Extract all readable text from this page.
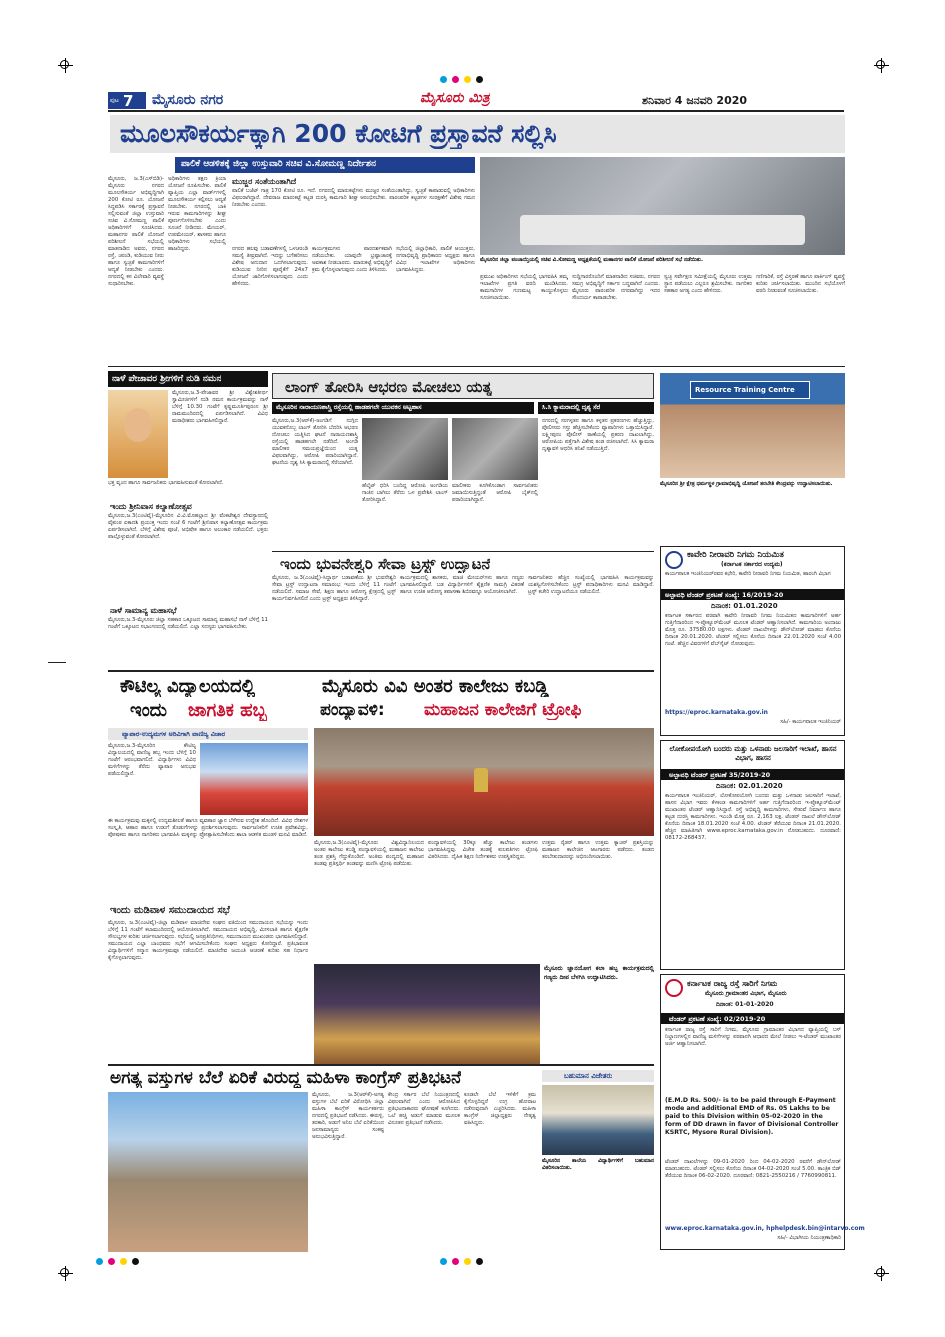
ಪುಟ 7 ಮೈಸೂರು ನಗರ	ಮೈಸೂರು ಮಿತ್ರ	ಶನಿವಾರ 4 ಜನವರಿ 2020
ಮೂಲಸೌಕರ್ಯಕ್ಕಾಗಿ 200 ಕೋಟಿಗೆ ಪ್ರಸ್ತಾವನೆ ಸಲ್ಲಿಸಿ
ಪಾಲಿಕೆ ಆಡಳಿತಕ್ಕೆ ಜಿಲ್ಲಾ ಉಸ್ತುವಾರಿ ಸಚಿವ ವಿ.ಸೋಮಣ್ಣ ನಿರ್ದೇಶನ
ಮೈಸೂರು, ಜ.3(ಎಸ್‌ಬಿಡಿ)-ಮೈಸೂರು ನಗರದ ಮೂಲಸೌಕರ್ಯ ಅಭಿವೃದ್ಧಿಗಾಗಿ 200 ಕೋಟಿ ರೂ. ಯೋಜನೆ ಸಿದ್ಧಪಡಿಸಿ ಸರ್ಕಾರಕ್ಕೆ ಪ್ರಸ್ತಾವನೆ ಸಲ್ಲಿಸುವಂತೆ ಜಿಲ್ಲಾ ಉಸ್ತುವಾರಿ ಸಚಿವ ವಿ.ಸೋಮಣ್ಣ ಪಾಲಿಕೆ ಅಧಿಕಾರಿಗಳಿಗೆ ಸೂಚಿಸಿದರು. ಮಹಾನಗರ ಪಾಲಿಕೆ ಯೋಜನೆ ಪರಿಶೀಲನೆ ಸಭೆಯಲ್ಲಿ ಮಾತನಾಡಿದ ಅವರು, ನಗರದ ರಸ್ತೆ, ಚರಂಡಿ, ಕುಡಿಯುವ ನೀರು ಹಾಗೂ ಸ್ವಚ್ಛತೆ ಕಾಮಗಾರಿಗಳಿಗೆ ಆದ್ಯತೆ ನೀಡಬೇಕು ಎಂದರು. ನಗರದಲ್ಲಿ ಕಸ ವಿಲೇವಾರಿ ವ್ಯವಸ್ಥೆ ಸುಧಾರಿಸಬೇಕು.
ಅಧಿಕಾರಿಗಳು ತಕ್ಷಣ ಕ್ರಿಯಾ ಯೋಜನೆ ರೂಪಿಸಬೇಕು. ಪಾಲಿಕೆ ವ್ಯಾಪ್ತಿಯ ಎಲ್ಲಾ ವಾರ್ಡ್‌ಗಳಲ್ಲಿ ಮೂಲಸೌಕರ್ಯ ಕಲ್ಪಿಸಲು ಆದ್ಯತೆ ನೀಡಬೇಕು. ನಗರದಲ್ಲಿ ಬಾಕಿ ಇರುವ ಕಾಮಗಾರಿಗಳನ್ನು ಶೀಘ್ರ ಪೂರ್ಣಗೊಳಿಸಬೇಕು ಎಂದು ಸೂಚನೆ ನೀಡಿದರು. ಮೇಯರ್, ಉಪಮೇಯರ್, ಶಾಸಕರು ಹಾಗೂ ಅಧಿಕಾರಿಗಳು ಸಭೆಯಲ್ಲಿ ಹಾಜರಿದ್ದರು.
ಮುಜ್ಜರ ಸಂತೆಯಂತಾಗಿದೆ
ಪಾಲಿಕೆ ಬಜೆಟ್ ಗಾತ್ರ 170 ಕೋಟಿ ರೂ. ಇದೆ. ನಗರದಲ್ಲಿ ಮಾರುಕಟ್ಟೆಗಳು ಮುಜ್ಜರ ಸಂತೆಯಂತಾಗಿದ್ದು, ಸ್ವಚ್ಛತೆ ಕಾಪಾಡುವಲ್ಲಿ ಅಧಿಕಾರಿಗಳು ವಿಫಲರಾಗಿದ್ದಾರೆ. ದೇವರಾಜ ಮಾರುಕಟ್ಟೆ ಕಟ್ಟಡ ದುರಸ್ತಿ ಕಾಮಗಾರಿ ಶೀಘ್ರ ಆರಂಭಿಸಬೇಕು. ಪಾರಂಪರಿಕ ಕಟ್ಟಡಗಳ ಸಂರಕ್ಷಣೆಗೆ ವಿಶೇಷ ಗಮನ ನೀಡಬೇಕು ಎಂದರು.
ನಗರದ ಹಲವು ಬಡಾವಣೆಗಳಲ್ಲಿ ಒಳಚರಂಡಿ ಸಮಸ್ಯೆ ತೀವ್ರವಾಗಿದೆ. ಇದನ್ನು ಬಗೆಹರಿಸಲು ವಿಶೇಷ ಅನುದಾನ ಒದಗಿಸಲಾಗುವುದು. ಕುಡಿಯುವ ನೀರಿನ ಪೂರೈಕೆಗೆ 24x7 ಯೋಜನೆ ಜಾರಿಗೊಳಿಸಲಾಗುವುದು ಎಂದು ಹೇಳಿದರು.
ಕಾರ್ಯಕ್ರಮಗಳು ಪಾರದರ್ಶಕವಾಗಿ ನಡೆಯಬೇಕು. ಯಾವುದೇ ಭ್ರಷ್ಟಾಚಾರಕ್ಕೆ ಅವಕಾಶ ನೀಡಬಾರದು. ಮಾರುಕಟ್ಟೆ ಅಭಿವೃದ್ಧಿಗೆ ಕ್ರಮ ಕೈಗೊಳ್ಳಲಾಗುವುದು ಎಂದು ತಿಳಿಸಿದರು.
ಸಭೆಯಲ್ಲಿ ಜಿಲ್ಲಾಧಿಕಾರಿ, ಪಾಲಿಕೆ ಆಯುಕ್ತರು, ನಗರಾಭಿವೃದ್ಧಿ ಪ್ರಾಧಿಕಾರದ ಅಧ್ಯಕ್ಷರು ಹಾಗೂ ವಿವಿಧ ಇಲಾಖೆಗಳ ಅಧಿಕಾರಿಗಳು ಭಾಗವಹಿಸಿದ್ದರು.
ಮೈಸೂರಿನ ಜಿಲ್ಲಾ ಪಂಚಾಯ್ತಿಯಲ್ಲಿ ಸಚಿವ ವಿ.ಸೋಮಣ್ಣ ಅಧ್ಯಕ್ಷತೆಯಲ್ಲಿ ಮಹಾನಗರ ಪಾಲಿಕೆ ಯೋಜನೆ ಪರಿಶೀಲನೆ ಸಭೆ ನಡೆಯಿತು.
ಪ್ರಮುಖ ಅಧಿಕಾರಿಗಳು ಸಭೆಯಲ್ಲಿ ಭಾಗವಹಿಸಿ ತಮ್ಮ ಇಲಾಖೆಗಳ ಪ್ರಗತಿ ವರದಿ ಮಂಡಿಸಿದರು. ಕಾಮಗಾರಿಗಳ ಗುಣಮಟ್ಟ ಕಾಯ್ದುಕೊಳ್ಳಲು ಸೂಚಿಸಲಾಯಿತು.
ಸುದ್ದಿಗಾರರೊಂದಿಗೆ ಮಾತನಾಡಿದ ಸಚಿವರು, ನಗರದ ಸಮಗ್ರ ಅಭಿವೃದ್ಧಿಗೆ ಸರ್ಕಾರ ಬದ್ಧವಾಗಿದೆ ಎಂದರು. ಮೈಸೂರು ಪಾರಂಪರಿಕ ನಗರವಾಗಿದ್ದು ಇದರ ಸೌಂದರ್ಯ ಕಾಪಾಡಬೇಕು.
ಸ್ವಚ್ಛ ಸರ್ವೇಕ್ಷಣ ಸಮೀಕ್ಷೆಯಲ್ಲಿ ಮೈಸೂರು ಉತ್ತಮ ಸ್ಥಾನ ಪಡೆಯಲು ಎಲ್ಲರೂ ಶ್ರಮಿಸಬೇಕು. ನಾಗರಿಕರ ಸಹಕಾರ ಅಗತ್ಯ ಎಂದು ಹೇಳಿದರು.
ಗಣಿಗಾರಿಕೆ, ರಸ್ತೆ ವಿಸ್ತರಣೆ ಹಾಗೂ ಪಾರ್ಕಿಂಗ್ ವ್ಯವಸ್ಥೆ ಕುರಿತು ಚರ್ಚಿಸಲಾಯಿತು. ಮುಂದಿನ ಸಭೆಯೊಳಗೆ ವರದಿ ನೀಡುವಂತೆ ಸೂಚಿಸಲಾಯಿತು.
ನಾಳೆ ಪೇಜಾವರ ಶ್ರೀಗಳಿಗೆ ನುಡಿ ನಮನ
ಮೈಸೂರು,ಜ.3-ಪೇಜಾವರ ಶ್ರೀ ವಿಶ್ವೇಶತೀರ್ಥ ಸ್ವಾಮೀಜಿಗಳಿಗೆ ನುಡಿ ನಮನ ಕಾರ್ಯಕ್ರಮವನ್ನು ನಾಳೆ ಬೆಳಿಗ್ಗೆ 10.30 ಗಂಟೆಗೆ ಕೃಷ್ಣಮೂರ್ತಿಪುರಂನ ಶ್ರೀ ರಾಮಮಂದಿರದಲ್ಲಿ ಏರ್ಪಡಿಸಲಾಗಿದೆ. ವಿವಿಧ ಮಠಾಧೀಶರು ಭಾಗವಹಿಸಲಿದ್ದಾರೆ.
ಭಕ್ತ ವೃಂದ ಹಾಗೂ ಸಾರ್ವಜನಿಕರು ಭಾಗವಹಿಸುವಂತೆ ಕೋರಲಾಗಿದೆ.
ಇಂದು ಶ್ರೀನಿವಾಸ ಕಲ್ಯಾಣೋತ್ಸವ
ಮೈಸೂರು,ಜ.3(ಎಂಟಿವೈ)-ಮೈಸೂರಿನ ವಿ.ವಿ.ಮೊಹಲ್ಲಾದ ಶ್ರೀ ವೆಂಕಟೇಶ್ವರ ದೇವಸ್ಥಾನದಲ್ಲಿ ವೈಕುಂಠ ಏಕಾದಶಿ ಪ್ರಯುಕ್ತ ಇಂದು ಸಂಜೆ 6 ಗಂಟೆಗೆ ಶ್ರೀನಿವಾಸ ಕಲ್ಯಾಣೋತ್ಸವ ಕಾರ್ಯಕ್ರಮ ಏರ್ಪಡಿಸಲಾಗಿದೆ. ಬೆಳಿಗ್ಗೆ ವಿಶೇಷ ಪೂಜೆ, ಅಭಿಷೇಕ ಹಾಗೂ ಅಲಂಕಾರ ನಡೆಯಲಿದೆ. ಭಕ್ತರು ಪಾಲ್ಗೊಳ್ಳುವಂತೆ ಕೋರಲಾಗಿದೆ.
ನಾಳೆ ಸಾಮಾನ್ಯ ಮಹಾಸಭೆ
ಮೈಸೂರು,ಜ.3-ಮೈಸೂರು ಜಿಲ್ಲಾ ಸಹಕಾರ ಒಕ್ಕೂಟದ ಸಾಮಾನ್ಯ ಮಹಾಸಭೆ ನಾಳೆ ಬೆಳಿಗ್ಗೆ 11 ಗಂಟೆಗೆ ಒಕ್ಕೂಟದ ಸಭಾಂಗಣದಲ್ಲಿ ನಡೆಯಲಿದೆ. ಎಲ್ಲಾ ಸದಸ್ಯರು ಭಾಗವಹಿಸಬೇಕು.
ಲಾಂಗ್ ತೋರಿಸಿ ಆಭರಣ ಮೋಚಲು ಯತ್ನ
ಮೈಸೂರಿನ ನಾರಾಯಣಶಾಸ್ತ್ರಿ ರಸ್ತೆಯಲ್ಲಿ ಹಾಡಹಗಲೇ ಯುವಕನ ಅಟ್ಟಹಾಸ	ಸಿ.ಸಿ ಕ್ಯಾಮರಾದಲ್ಲಿ ದೃಶ್ಯ ಸೆರೆ
ಮೈಸೂರು,ಜ.3(ಆರ್‌ಕೆ)-ಅಂಗಡಿಗೆ ನುಗ್ಗಿದ ಯುವಕನೊಬ್ಬ ಲಾಂಗ್ ತೋರಿಸಿ ಬೆದರಿಸಿ ಆಭರಣ ದೋಚಲು ಯತ್ನಿಸಿದ ಘಟನೆ ನಾರಾಯಣಶಾಸ್ತ್ರಿ ರಸ್ತೆಯಲ್ಲಿ ಹಾಡಹಗಲೇ ನಡೆದಿದೆ. ಅಂಗಡಿ ಮಾಲೀಕರ ಸಮಯಪ್ರಜ್ಞೆಯಿಂದ ಯತ್ನ ವಿಫಲವಾಗಿದ್ದು, ಆರೋಪಿ ಪರಾರಿಯಾಗಿದ್ದಾನೆ. ಘಟನೆಯ ದೃಶ್ಯ ಸಿಸಿ ಕ್ಯಾಮರಾದಲ್ಲಿ ಸೆರೆಯಾಗಿದೆ.
ಹೆಲ್ಮೆಟ್ ಧರಿಸಿ ಬಂದಿದ್ದ ಆರೋಪಿ ಅಂಗಡಿಯ ಗಾಜಿನ ಬಾಗಿಲು ತೆರೆದು ಒಳ ಪ್ರವೇಶಿಸಿ ಲಾಂಗ್ ತೋರಿಸಿದ್ದಾನೆ.
ಮಾಲೀಕರು ಕೂಗಿಕೊಂಡಾಗ ಸಾರ್ವಜನಿಕರು ಜಮಾಯಿಸುತ್ತಿದ್ದಂತೆ ಆರೋಪಿ ಬೈಕ್‌ನಲ್ಲಿ ಪರಾರಿಯಾಗಿದ್ದಾನೆ.
ನಗರದಲ್ಲಿ ಸರಗಳ್ಳತನ ಹಾಗೂ ಕಳ್ಳತನ ಪ್ರಕರಣಗಳು ಹೆಚ್ಚುತ್ತಿದ್ದು, ಪೊಲೀಸರು ಗಸ್ತು ಹೆಚ್ಚಿಸಬೇಕೆಂದು ವ್ಯಾಪಾರಿಗಳು ಒತ್ತಾಯಿಸಿದ್ದಾರೆ. ಲಕ್ಷ್ಮೀಪುರಂ ಪೊಲೀಸ್ ಠಾಣೆಯಲ್ಲಿ ಪ್ರಕರಣ ದಾಖಲಾಗಿದ್ದು, ಆರೋಪಿಯ ಪತ್ತೆಗಾಗಿ ವಿಶೇಷ ತಂಡ ರಚಿಸಲಾಗಿದೆ. ಸಿಸಿ ಕ್ಯಾಮರಾ ದೃಶ್ಯಾವಳಿ ಆಧರಿಸಿ ತನಿಖೆ ನಡೆಯುತ್ತಿದೆ.
Resource Training Centre
ಮೈಸೂರಿನ ಶ್ರೀ ಕ್ಷೇತ್ರ ಧರ್ಮಸ್ಥಳ ಗ್ರಾಮಾಭಿವೃದ್ಧಿ ಯೋಜನೆ ತರಬೇತಿ ಕೇಂದ್ರವನ್ನು ಉದ್ಘಾಟಿಸಲಾಯಿತು.
ಇಂದು ಭುವನೇಶ್ವರಿ ಸೇವಾ ಟ್ರಸ್ಟ್ ಉದ್ಘಾಟನೆ
ಮೈಸೂರು, ಜ.3(ಎಂಟಿವೈ)-ಸಿದ್ದಾರ್ಥ ಬಡಾವಣೆಯ ಶ್ರೀ ಭುವನೇಶ್ವರಿ ಸೇವಾ ಟ್ರಸ್ಟ್ ಉದ್ಘಾಟನಾ ಸಮಾರಂಭ ಇಂದು ಬೆಳಿಗ್ಗೆ 11 ಗಂಟೆಗೆ ನಡೆಯಲಿದೆ. ಸಮಾಜ ಸೇವೆ, ಶಿಕ್ಷಣ ಹಾಗೂ ಆರೋಗ್ಯ ಕ್ಷೇತ್ರದಲ್ಲಿ ಟ್ರಸ್ಟ್ ಕಾರ್ಯನಿರ್ವಹಿಸಲಿದೆ ಎಂದು ಟ್ರಸ್ಟ್ ಅಧ್ಯಕ್ಷರು ತಿಳಿಸಿದ್ದಾರೆ.
ಕಾರ್ಯಕ್ರಮದಲ್ಲಿ ಶಾಸಕರು, ಮಾಜಿ ಮೇಯರ್‌ಗಳು ಹಾಗೂ ಗಣ್ಯರು ಭಾಗವಹಿಸಲಿದ್ದಾರೆ. ಬಡ ವಿದ್ಯಾರ್ಥಿಗಳಿಗೆ ಶೈಕ್ಷಣಿಕ ಸಾಮಗ್ರಿ ವಿತರಣೆ ಹಾಗೂ ಉಚಿತ ಆರೋಗ್ಯ ತಪಾಸಣಾ ಶಿಬಿರವನ್ನೂ ಆಯೋಜಿಸಲಾಗಿದೆ.
ಸಾರ್ವಜನಿಕರು ಹೆಚ್ಚಿನ ಸಂಖ್ಯೆಯಲ್ಲಿ ಭಾಗವಹಿಸಿ ಕಾರ್ಯಕ್ರಮವನ್ನು ಯಶಸ್ವಿಗೊಳಿಸಬೇಕೆಂದು ಟ್ರಸ್ಟ್ ಪದಾಧಿಕಾರಿಗಳು ಮನವಿ ಮಾಡಿದ್ದಾರೆ. ಟ್ರಸ್ಟ್ ಕಚೇರಿ ಉದ್ಘಾಟನೆಯೂ ನಡೆಯಲಿದೆ.
ಕಾವೇರಿ ನೀರಾವರಿ ನಿಗಮ ನಿಯಮಿತ
(ಕರ್ನಾಟಕ ಸರ್ಕಾರದ ಉದ್ಯಮ)
ಕಾರ್ಯಪಾಲಕ ಇಂಜಿನಿಯರ್‌ರವರ ಕಛೇರಿ, ಕಾವೇರಿ ನೀರಾವರಿ ನಿಗಮ ನಿಯಮಿತ, ಹಾರಂಗಿ ವಿಭಾಗ
ಅಲ್ಪಾವಧಿ ಟೆಂಡರ್ ಪ್ರಕಟಣೆ ಸಂಖ್ಯೆ: 16/2019-20
ದಿನಾಂಕ: 01.01.2020
ಕರ್ನಾಟಕ ಸರ್ಕಾರದ ಪರವಾಗಿ ಕಾವೇರಿ ನೀರಾವರಿ ನಿಗಮ ನಿಯಮಿತದ ಕಾಮಗಾರಿಗಳಿಗೆ ಅರ್ಹ ಗುತ್ತಿಗೆದಾರರಿಂದ ಇ-ಪ್ರೊಕ್ಯೂರ್‌ಮೆಂಟ್ ಮೂಲಕ ಟೆಂಡರ್ ಆಹ್ವಾನಿಸಲಾಗಿದೆ. ಕಾಮಗಾರಿಯ ಅಂದಾಜು ಮೊತ್ತ ರೂ. 37580.00 ಲಕ್ಷಗಳು. ಟೆಂಡರ್ ದಾಖಲೆಗಳನ್ನು ಡೌನ್‌ಲೋಡ್ ಮಾಡಲು ಕೊನೆಯ ದಿನಾಂಕ 20.01.2020. ಟೆಂಡರ್ ಸಲ್ಲಿಸಲು ಕೊನೆಯ ದಿನಾಂಕ 22.01.2020 ಸಂಜೆ 4.00 ಗಂಟೆ. ಹೆಚ್ಚಿನ ವಿವರಗಳಿಗೆ ವೆಬ್‌ಸೈಟ್ ನೋಡುವುದು.
https://eproc.karnataka.gov.in
ಸಹಿ/- ಕಾರ್ಯಪಾಲಕ ಇಂಜಿನಿಯರ್
ಲೋಕೋಪಯೋಗಿ ಬಂದರು ಮತ್ತು ಒಳನಾಡು ಜಲಸಾರಿಗೆ ಇಲಾಖೆ, ಹಾಸನ ವಿಭಾಗ, ಹಾಸನ
ಅಲ್ಪಾವಧಿ ಟೆಂಡರ್ ಪ್ರಕಟಣೆ 35/2019-20
ದಿನಾಂಕ: 02.01.2020
ಕಾರ್ಯಪಾಲಕ ಇಂಜಿನಿಯರ್, ಲೋಕೋಪಯೋಗಿ ಬಂದರು ಮತ್ತು ಒಳನಾಡು ಜಲಸಾರಿಗೆ ಇಲಾಖೆ, ಹಾಸನ ವಿಭಾಗ ಇವರು ಕೆಳಕಂಡ ಕಾಮಗಾರಿಗಳಿಗೆ ಅರ್ಹ ಗುತ್ತಿಗೆದಾರರಿಂದ ಇ-ಪ್ರೊಕ್ಯೂರ್‌ಮೆಂಟ್ ಮುಖಾಂತರ ಟೆಂಡರ್ ಆಹ್ವಾನಿಸಿದ್ದಾರೆ. ರಸ್ತೆ ಅಭಿವೃದ್ಧಿ ಕಾಮಗಾರಿಗಳು, ಸೇತುವೆ ನಿರ್ಮಾಣ ಹಾಗೂ ಕಟ್ಟಡ ದುರಸ್ತಿ ಕಾಮಗಾರಿಗಳು. ಇಎಂಡಿ ಮೊತ್ತ ರೂ. 2,163 ಲಕ್ಷ. ಟೆಂಡರ್ ದಾಖಲೆ ಡೌನ್‌ಲೋಡ್ ಕೊನೆಯ ದಿನಾಂಕ 18.01.2020 ಸಂಜೆ 4.00. ಟೆಂಡರ್ ತೆರೆಯುವ ದಿನಾಂಕ 21.01.2020. ಹೆಚ್ಚಿನ ಮಾಹಿತಿಗಾಗಿ www.eproc.karnataka.gov.in ನೋಡಬಹುದು. ದೂರವಾಣಿ: 08172-268437.
ಕರ್ನಾಟಕ ರಾಜ್ಯ ರಸ್ತೆ ಸಾರಿಗೆ ನಿಗಮ
ಮೈಸೂರು ಗ್ರಾಮಾಂತರ ವಿಭಾಗ, ಮೈಸೂರು
ಟೆಂಡರ್ ಪ್ರಕಟಣೆ ಸಂಖ್ಯೆ: 02/2019-20
ದಿನಾಂಕ: 01-01-2020
ಕರ್ನಾಟಕ ರಾಜ್ಯ ರಸ್ತೆ ಸಾರಿಗೆ ನಿಗಮ, ಮೈಸೂರು ಗ್ರಾಮಾಂತರ ವಿಭಾಗದ ವ್ಯಾಪ್ತಿಯಲ್ಲಿ ಬಸ್ ನಿಲ್ದಾಣಗಳಲ್ಲಿನ ವಾಣಿಜ್ಯ ಮಳಿಗೆಗಳನ್ನು ಪರವಾನಗಿ ಆಧಾರದ ಮೇಲೆ ನೀಡಲು ಇ-ಟೆಂಡರ್ ಮುಖಾಂತರ ಅರ್ಜಿ ಆಹ್ವಾನಿಸಲಾಗಿದೆ.
(E.M.D Rs. 500/- is to be paid through E-Payment mode and additional EMD of Rs. 05 Lakhs to be paid to this Division within 05-02-2020 in the form of DD drawn in favor of Divisional Controller KSRTC, Mysore Rural Division).
ಟೆಂಡರ್ ದಾಖಲೆಗಳನ್ನು 09-01-2020 ರಿಂದ 04-02-2020 ರವರೆಗೆ ಡೌನ್‌ಲೋಡ್ ಮಾಡಬಹುದು. ಟೆಂಡರ್ ಸಲ್ಲಿಸಲು ಕೊನೆಯ ದಿನಾಂಕ 04-02-2020 ಸಂಜೆ 5.00. ತಾಂತ್ರಿಕ ಬಿಡ್ ತೆರೆಯುವ ದಿನಾಂಕ 06-02-2020. ದೂರವಾಣಿ: 0821-2550216 / 7760990811.
www.eproc.karnataka.gov.in, hphelpdesk.bin@intarvo.com
ಸಹಿ/- ವಿಭಾಗೀಯ ನಿಯಂತ್ರಣಾಧಿಕಾರಿ
ಕೌಟಿಲ್ಯ ವಿದ್ಯಾಲಯದಲ್ಲಿ
ಇಂದು ಜಾಗತಿಕ ಹಬ್ಬ
ವ್ಯಾಪಾರ-ಉದ್ಯಮಗಳ ಅರಿವಿಗಾಗಿ ವಾಣಿಜ್ಯ ವಿಚಾರ
ಮೈಸೂರು,ಜ.3-ಮೈಸೂರಿನ ಕೌಟಿಲ್ಯ ವಿದ್ಯಾಲಯದಲ್ಲಿ ವಾಣಿಜ್ಯ ಹಬ್ಬ ಇಂದು ಬೆಳಿಗ್ಗೆ 10 ಗಂಟೆಗೆ ಆರಂಭವಾಗಲಿದೆ. ವಿದ್ಯಾರ್ಥಿಗಳು ವಿವಿಧ ಮಳಿಗೆಗಳನ್ನು ತೆರೆದು ವ್ಯಾಪಾರ ಅನುಭವ ಪಡೆಯಲಿದ್ದಾರೆ.
ಈ ಕಾರ್ಯಕ್ರಮವು ಮಕ್ಕಳಲ್ಲಿ ಉದ್ಯಮಶೀಲತೆ ಹಾಗೂ ವ್ಯವಹಾರ ಜ್ಞಾನ ಬೆಳೆಸುವ ಉದ್ದೇಶ ಹೊಂದಿದೆ. ವಿವಿಧ ದೇಶಗಳ ಸಂಸ್ಕೃತಿ, ಆಹಾರ ಹಾಗೂ ಉಡುಗೆ ತೊಡುಗೆಗಳನ್ನು ಪ್ರದರ್ಶಿಸಲಾಗುವುದು. ಸಾರ್ವಜನಿಕರಿಗೆ ಉಚಿತ ಪ್ರವೇಶವಿದ್ದು, ಪೋಷಕರು ಹಾಗೂ ನಾಗರಿಕರು ಭಾಗವಹಿಸಿ ಮಕ್ಕಳನ್ನು ಪ್ರೋತ್ಸಾಹಿಸಬೇಕೆಂದು ಶಾಲಾ ಆಡಳಿತ ಮಂಡಳಿ ಮನವಿ ಮಾಡಿದೆ.
ಇಂದು ಮಡಿವಾಳ ಸಮುದಾಯದ ಸಭೆ
ಮೈಸೂರು, ಜ.3(ಎಂಟಿವೈ)-ಜಿಲ್ಲಾ ಮಡಿವಾಳ ಮಾಚಿದೇವ ಸಂಘದ ವತಿಯಿಂದ ಸಮುದಾಯದ ಸಭೆಯನ್ನು ಇಂದು ಬೆಳಿಗ್ಗೆ 11 ಗಂಟೆಗೆ ಕಲಾಮಂದಿರದಲ್ಲಿ ಆಯೋಜಿಸಲಾಗಿದೆ. ಸಮುದಾಯದ ಅಭಿವೃದ್ಧಿ, ಮೀಸಲಾತಿ ಹಾಗೂ ಶೈಕ್ಷಣಿಕ ಸೌಲಭ್ಯಗಳ ಕುರಿತು ಚರ್ಚಿಸಲಾಗುವುದು. ಸಭೆಯಲ್ಲಿ ಜನಪ್ರತಿನಿಧಿಗಳು, ಸಮುದಾಯದ ಮುಖಂಡರು ಭಾಗವಹಿಸಲಿದ್ದಾರೆ. ಸಮುದಾಯದ ಎಲ್ಲಾ ಬಾಂಧವರು ಸಭೆಗೆ ಆಗಮಿಸಬೇಕೆಂದು ಸಂಘದ ಅಧ್ಯಕ್ಷರು ಕೋರಿದ್ದಾರೆ. ಪ್ರತಿಭಾವಂತ ವಿದ್ಯಾರ್ಥಿಗಳಿಗೆ ಸನ್ಮಾನ ಕಾರ್ಯಕ್ರಮವೂ ನಡೆಯಲಿದೆ. ಮಾಚಿದೇವ ಜಯಂತಿ ಆಚರಣೆ ಕುರಿತು ಸಹ ನಿರ್ಧಾರ ಕೈಗೊಳ್ಳಲಾಗುವುದು.
ಮೈಸೂರು ವಿವಿ ಅಂತರ ಕಾಲೇಜು ಕಬಡ್ಡಿ
ಪಂದ್ಯಾವಳಿ: ಮಹಾಜನ ಕಾಲೇಜಿಗೆ ಟ್ರೋಫಿ
ಮೈಸೂರು,ಜ.3(ಎಂಟಿವೈ)-ಮೈಸೂರು ವಿಶ್ವವಿದ್ಯಾನಿಲಯದ ಅಂತರ ಕಾಲೇಜು ಕಬಡ್ಡಿ ಪಂದ್ಯಾವಳಿಯಲ್ಲಿ ಮಹಾಜನ ಕಾಲೇಜು ತಂಡ ಪ್ರಶಸ್ತಿ ಗೆದ್ದುಕೊಂಡಿದೆ. ಅಂತಿಮ ಪಂದ್ಯದಲ್ಲಿ ಮಹಾಜನ ತಂಡವು ಪ್ರತಿಸ್ಪರ್ಧಿ ತಂಡವನ್ನು ಮಣಿಸಿ ಟ್ರೋಫಿ ಪಡೆಯಿತು.
ಪಂದ್ಯಾವಳಿಯಲ್ಲಿ 30ಕ್ಕೂ ಹೆಚ್ಚು ಕಾಲೇಜು ತಂಡಗಳು ಭಾಗವಹಿಸಿದ್ದವು. ವಿಜೇತ ತಂಡಕ್ಕೆ ಕುಲಪತಿಗಳು ಟ್ರೋಫಿ ವಿತರಿಸಿದರು. ದೈಹಿಕ ಶಿಕ್ಷಣ ನಿರ್ದೇಶಕರು ಉಪಸ್ಥಿತರಿದ್ದರು.
ಉತ್ತಮ ರೈಡರ್ ಹಾಗೂ ಉತ್ತಮ ಕ್ಯಾಚರ್ ಪ್ರಶಸ್ತಿಯನ್ನು ಮಹಾಜನ ಕಾಲೇಜಿನ ಆಟಗಾರರು ಪಡೆದರು. ತಂಡದ ತರಬೇತುದಾರರನ್ನು ಅಭಿನಂದಿಸಲಾಯಿತು.
ಮೈಸೂರು ಜ್ಞಾನಯೋಗ ಕಲಾ ಹಬ್ಬ ಕಾರ್ಯಕ್ರಮದಲ್ಲಿ ಗಣ್ಯರು ದೀಪ ಬೆಳಗಿಸಿ ಉದ್ಘಾಟಿಸಿದರು.
ಅಗತ್ಯ ವಸ್ತುಗಳ ಬೆಲೆ ಏರಿಕೆ ವಿರುದ್ಧ ಮಹಿಳಾ ಕಾಂಗ್ರೆಸ್ ಪ್ರತಿಭಟನೆ
ಮೈಸೂರು, ಜ.3(ಆರ್‌ಕೆ)-ಅಗತ್ಯ ವಸ್ತುಗಳ ಬೆಲೆ ಏರಿಕೆ ವಿರೋಧಿಸಿ ಜಿಲ್ಲಾ ಮಹಿಳಾ ಕಾಂಗ್ರೆಸ್ ಕಾರ್ಯಕರ್ತರು ನಗರದಲ್ಲಿ ಪ್ರತಿಭಟನೆ ನಡೆಸಿದರು. ಈರುಳ್ಳಿ, ತರಕಾರಿ, ಅಡುಗೆ ಅನಿಲ ಬೆಲೆ ಏರಿಕೆಯಿಂದ ಜನಸಾಮಾನ್ಯರು ಸಂಕಷ್ಟ ಅನುಭವಿಸುತ್ತಿದ್ದಾರೆ.
ಕೇಂದ್ರ ಸರ್ಕಾರ ಬೆಲೆ ನಿಯಂತ್ರಣದಲ್ಲಿ ವಿಫಲವಾಗಿದೆ ಎಂದು ಆರೋಪಿಸಿದ ಪ್ರತಿಭಟನಾಕಾರರು ಘೋಷಣೆ ಕೂಗಿದರು. ಒಲೆ ಹಚ್ಚಿ ಅಡುಗೆ ಮಾಡುವ ಮೂಲಕ ವಿನೂತನ ಪ್ರತಿಭಟನೆ ನಡೆಸಿದರು.
ಕೂಡಲೇ ಬೆಲೆ ಇಳಿಕೆಗೆ ಕ್ರಮ ಕೈಗೊಳ್ಳದಿದ್ದರೆ ಉಗ್ರ ಹೋರಾಟ ನಡೆಸುವುದಾಗಿ ಎಚ್ಚರಿಸಿದರು. ಮಹಿಳಾ ಕಾಂಗ್ರೆಸ್ ಜಿಲ್ಲಾಧ್ಯಕ್ಷರು ನೇತೃತ್ವ ವಹಿಸಿದ್ದರು.
ಬಹುಮಾನ ವಿಜೇತರು
ಮೈಸೂರಿನ ಶಾಲೆಯ ವಿದ್ಯಾರ್ಥಿಗಳಿಗೆ ಬಹುಮಾನ ವಿತರಿಸಲಾಯಿತು.
